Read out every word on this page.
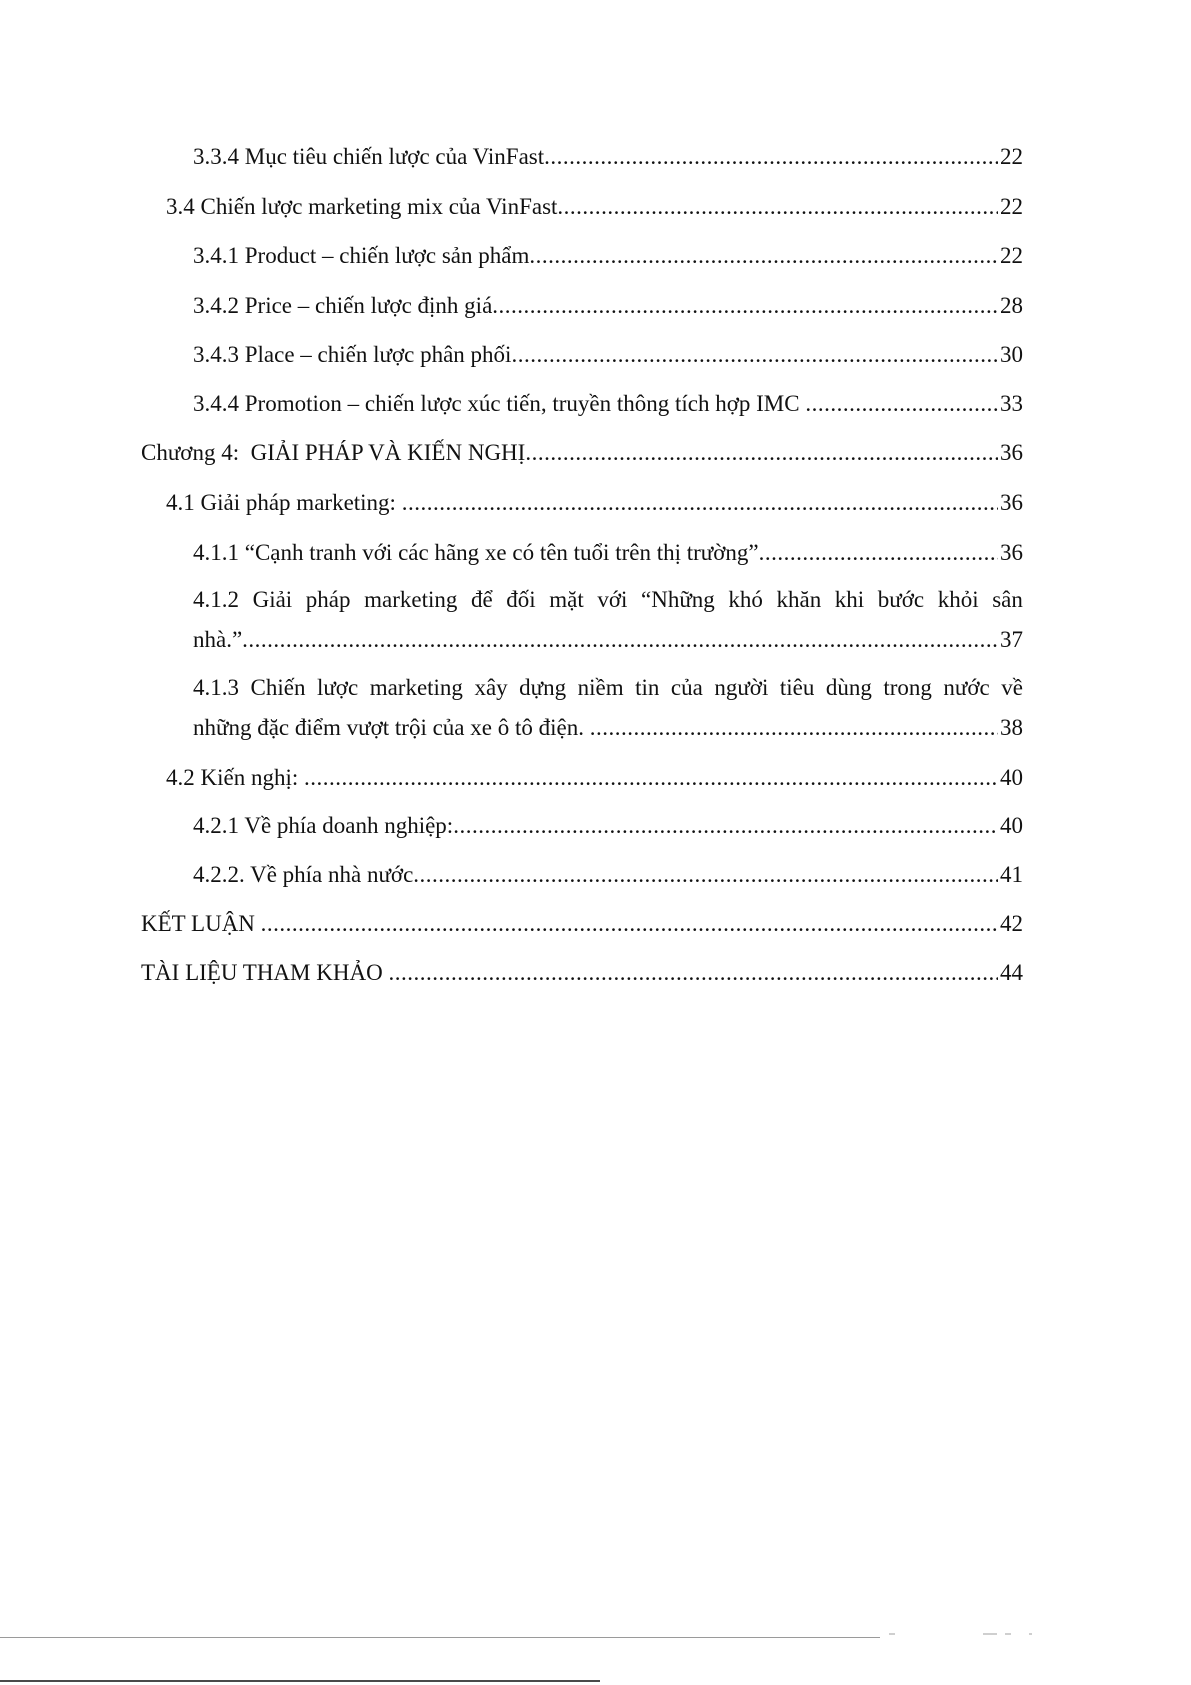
3.3.4 Mục tiêu chiến lược của VinFast .....	22
3.4 Chiến lược marketing mix của VinFast .....	22
3.4.1 Product – chiến lược sản phẩm .....	22
3.4.2 Price – chiến lược định giá .....	28
3.4.3 Place – chiến lược phân phối .....	30
3.4.4 Promotion – chiến lược xúc tiến, truyền thông tích hợp IMC .....	33
Chương 4:  GIẢI PHÁP VÀ KIẾN NGHỊ .....	36
4.1 Giải pháp marketing: .....	36
4.1.1 “Cạnh tranh với các hãng xe có tên tuổi trên thị trường” .....	36
4.1.2 Giải pháp marketing để đối mặt với “Những khó khăn khi bước khỏi sân
nhà.” .....	37
4.1.3 Chiến lược marketing xây dựng niềm tin của người tiêu dùng trong nước về
những đặc điểm vượt trội của xe ô tô điện. .....	38
4.2 Kiến nghị: .....	40
4.2.1 Về phía doanh nghiệp: .....	40
4.2.2. Về phía nhà nước .....	41
KẾT LUẬN .....	42
TÀI LIỆU THAM KHẢO .....	44
